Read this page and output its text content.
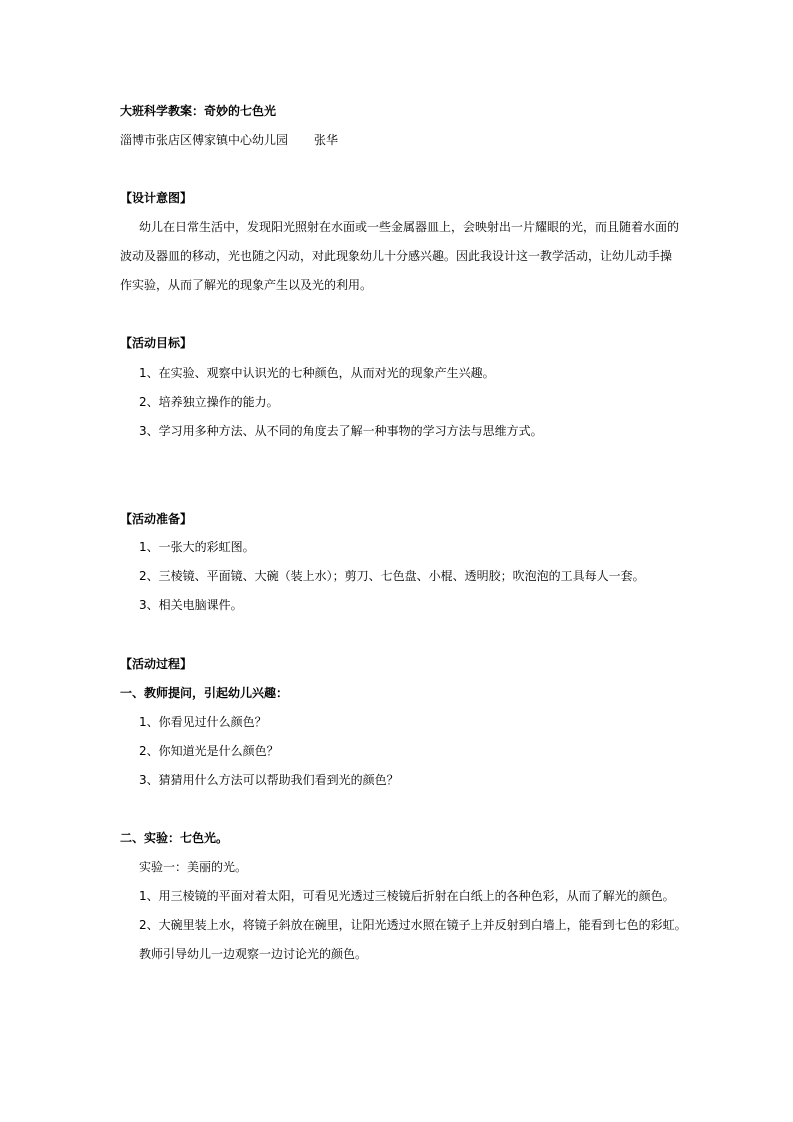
大班科学教案：奇妙的七色光
淄博市张店区傅家镇中心幼儿园 张华
【设计意图】
幼儿在日常生活中，发现阳光照射在水面或一些金属器皿上，会映射出一片耀眼的光，而且随着水面的
波动及器皿的移动，光也随之闪动，对此现象幼儿十分感兴趣。因此我设计这一教学活动，让幼儿动手操
作实验，从而了解光的现象产生以及光的利用。
【活动目标】
1、在实验、观察中认识光的七种颜色，从而对光的现象产生兴趣。
2、培养独立操作的能力。
3、学习用多种方法、从不同的角度去了解一种事物的学习方法与思维方式。
【活动准备】
1、一张大的彩虹图。
2、三棱镜、平面镜、大碗（装上水）；剪刀、七色盘、小棍、透明胶；吹泡泡的工具每人一套。
3、相关电脑课件。
【活动过程】
一、教师提问，引起幼儿兴趣：
1、你看见过什么颜色？
2、你知道光是什么颜色？
3、猜猜用什么方法可以帮助我们看到光的颜色？
二、实验：七色光。
实验一：美丽的光。
1、用三棱镜的平面对着太阳，可看见光透过三棱镜后折射在白纸上的各种色彩，从而了解光的颜色。
2、大碗里装上水，将镜子斜放在碗里，让阳光透过水照在镜子上并反射到白墙上，能看到七色的彩虹。
教师引导幼儿一边观察一边讨论光的颜色。
